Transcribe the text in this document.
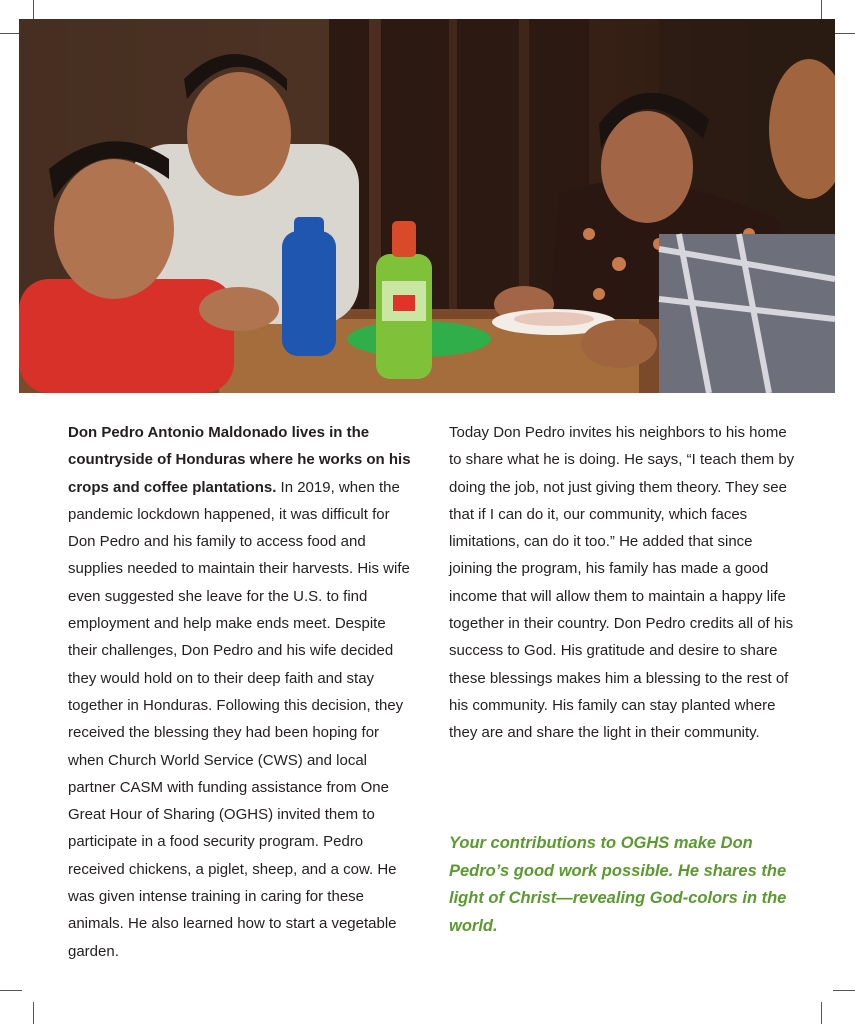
Don Pedro Antonio Maldonado lives in the countryside of Honduras where he works on his crops and coffee plantations. In 2019, when the pandemic lockdown happened, it was difficult for Don Pedro and his family to access food and supplies needed to maintain their harvests. His wife even suggested she leave for the U.S. to find employment and help make ends meet. Despite their challenges, Don Pedro and his wife decided they would hold on to their deep faith and stay together in Honduras. Following this decision, they received the blessing they had been hoping for when Church World Service (CWS) and local partner CASM with funding assistance from One Great Hour of Sharing (OGHS) invited them to participate in a food security program. Pedro received chickens, a piglet, sheep, and a cow. He was given intense training in caring for these animals. He also learned how to start a vegetable garden.
Today Don Pedro invites his neighbors to his home to share what he is doing. He says, “I teach them by doing the job, not just giving them theory. They see that if I can do it, our community, which faces limitations, can do it too.” He added that since joining the program, his family has made a good income that will allow them to maintain a happy life together in their country. Don Pedro credits all of his success to God. His gratitude and desire to share these blessings makes him a blessing to the rest of his community. His family can stay planted where they are and share the light in their community.
Your contributions to OGHS make Don Pedro’s good work possible. He shares the light of Christ—revealing God-colors in the world.
